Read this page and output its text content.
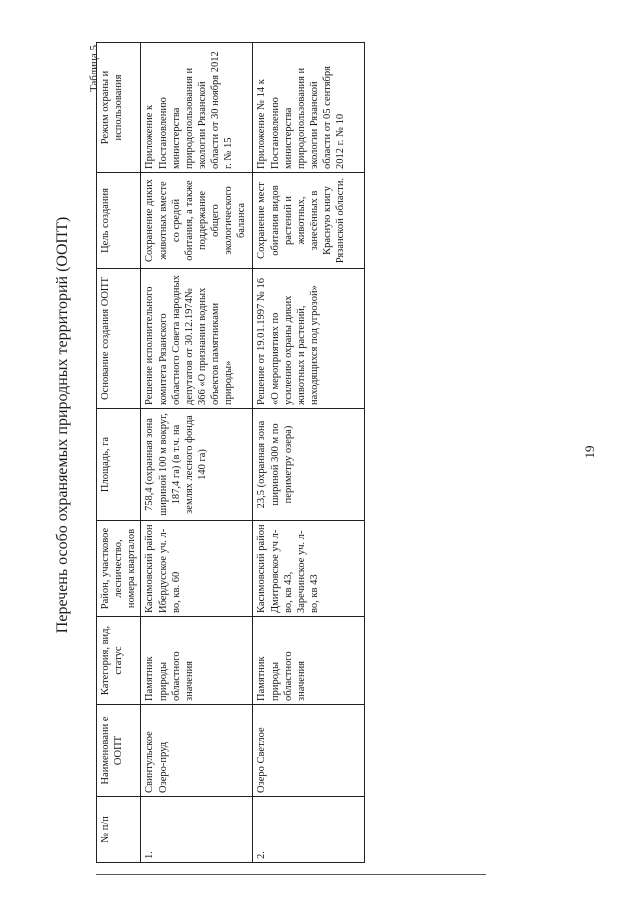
Перечень особо охраняемых природных территорий (ООПТ)
Таблица 5
№ п/п	Наименовани е ООПТ	Категория, вид, статус	Район, участковое лесничество, номера кварталов	Площадь, га	Основание создания ООПТ	Цель создания	Режим охраны и использования
1.	Свинтульское Озеро-пруд	Памятник природы областного значения	Касимовский район Ибердусское уч. л-во, кв. 60	758,4 (охранная зона шириной 100 м вокруг, 187,4 га) (в т.ч. на землях лесного фонда 140 га)	Решение исполнительного комитета Рязанского областного Совета народных депутатов от 30.12.1974№ 366 «О признании водных объектов памятниками природы»	Сохранение диких животных вместе со средой обитания, а также поддержание общего экологического баланса	Приложение к Постановлению министерства природопользования и экологии Рязанской области от 30 ноября 2012 г. № 15
2.	Озеро Светлое	Памятник природы областного значения	Касимовский район Дмитровское уч л-во, кв 43, Заречинское уч. л-во, кв 43	23,5 (охранная зона шириной 300 м по периметру озера)	Решение от 19.01.1997 № 16 «О мероприятиях по усилению охраны диких животных и растений, находящихся под угрозой»	Сохранение мест обитания видов растений и животных, занесённых в Красную книгу Рязанской области.	Приложение № 14 к Постановлению министерства природопользования и экологии Рязанской области от 05 сентября 2012 г. № 10
19
